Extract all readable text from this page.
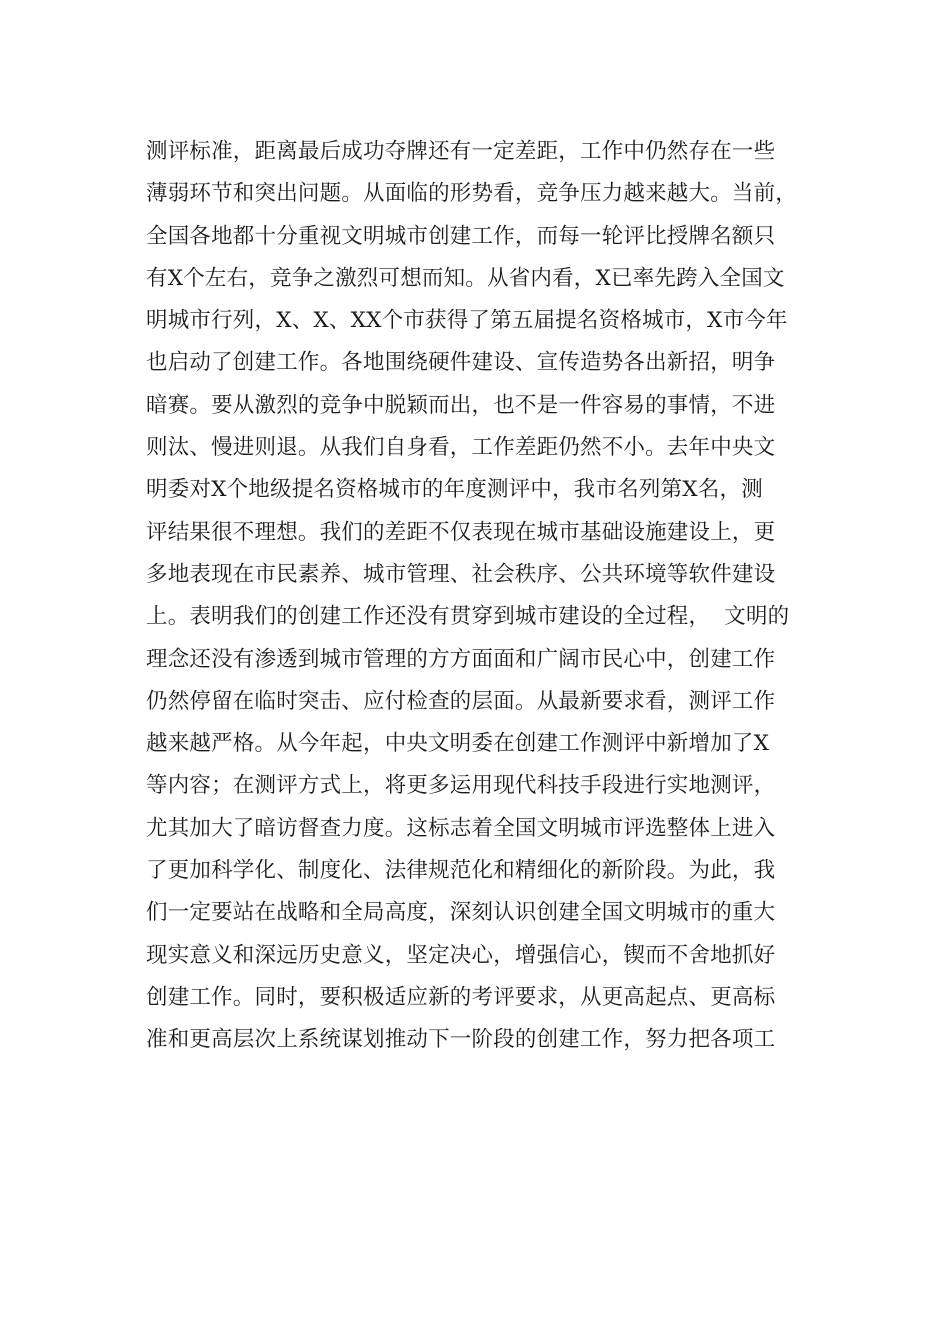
测评标准，距离最后成功夺牌还有一定差距，工作中仍然存在一些
薄弱环节和突出问题。从面临的形势看，竞争压力越来越大。当前，
全国各地都十分重视文明城市创建工作，而每一轮评比授牌名额只
有X个左右，竞争之激烈可想而知。从省内看，X已率先跨入全国文
明城市行列，X、X、XX个市获得了第五届提名资格城市，X市今年
也启动了创建工作。各地围绕硬件建设、宣传造势各出新招，明争
暗赛。要从激烈的竞争中脱颖而出，也不是一件容易的事情，不进
则汰、慢进则退。从我们自身看，工作差距仍然不小。去年中央文
明委对X个地级提名资格城市的年度测评中，我市名列第X名，测
评结果很不理想。我们的差距不仅表现在城市基础设施建设上，更
多地表现在市民素养、城市管理、社会秩序、公共环境等软件建设
上。表明我们的创建工作还没有贯穿到城市建设的全过程，  文明的
理念还没有渗透到城市管理的方方面面和广阔市民心中，创建工作
仍然停留在临时突击、应付检查的层面。从最新要求看，测评工作
越来越严格。从今年起，中央文明委在创建工作测评中新增加了X
等内容；在测评方式上，将更多运用现代科技手段进行实地测评，
尤其加大了暗访督查力度。这标志着全国文明城市评选整体上进入
了更加科学化、制度化、法律规范化和精细化的新阶段。为此，我
们一定要站在战略和全局高度，深刻认识创建全国文明城市的重大
现实意义和深远历史意义，坚定决心，增强信心，锲而不舍地抓好
创建工作。同时，要积极适应新的考评要求，从更高起点、更高标
准和更高层次上系统谋划推动下一阶段的创建工作，努力把各项工
